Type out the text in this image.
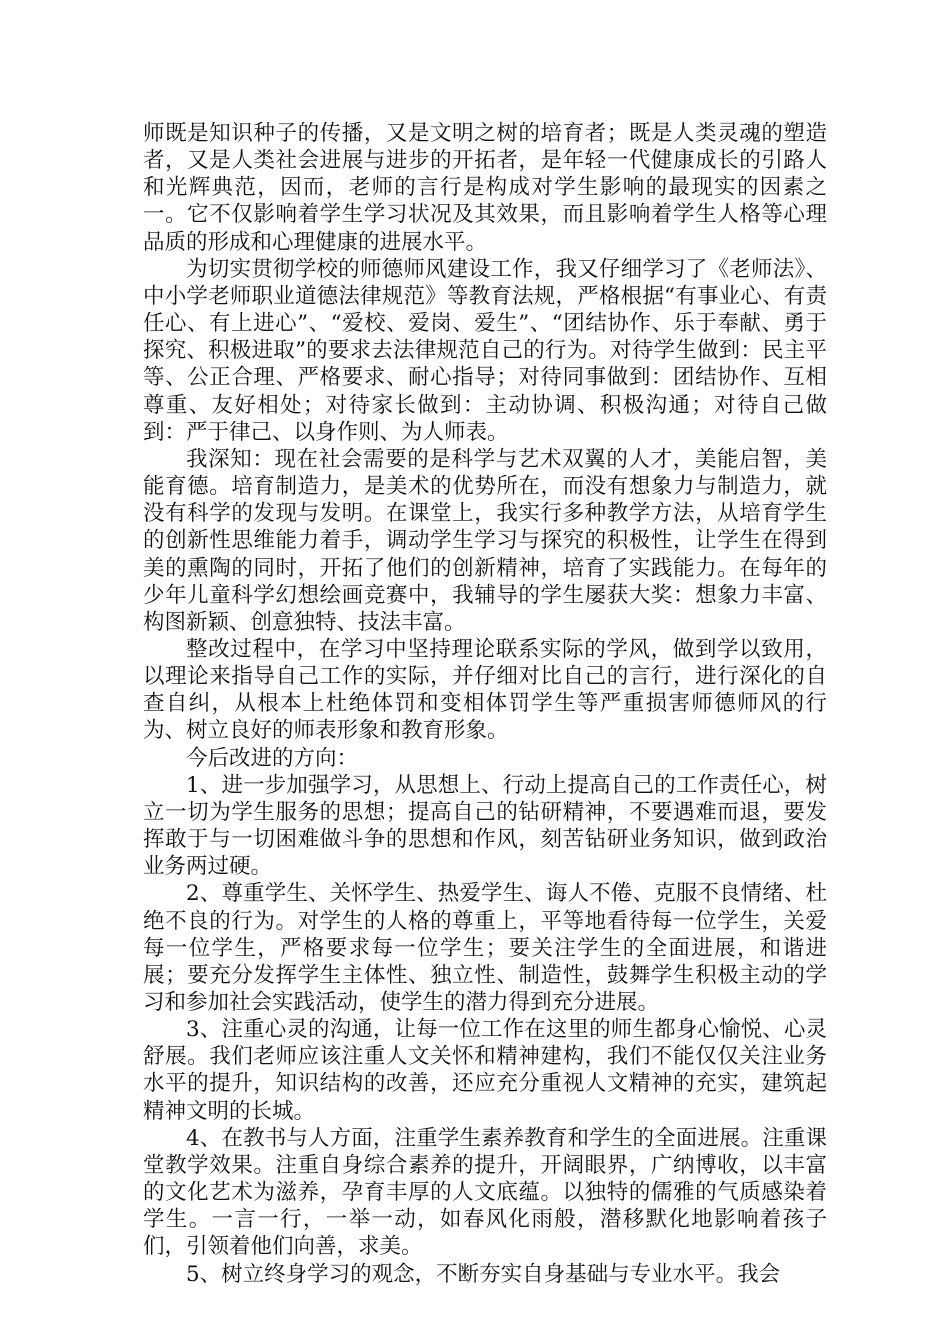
师既是知识种子的传播，又是文明之树的培育者；既是人类灵魂的塑造者，又是人类社会进展与进步的开拓者，是年轻一代健康成长的引路人和光辉典范，因而，老师的言行是构成对学生影响的最现实的因素之一。它不仅影响着学生学习状况及其效果，而且影响着学生人格等心理品质的形成和心理健康的进展水平。

为切实贯彻学校的师德师风建设工作，我又仔细学习了《老师法》、中小学老师职业道德法律规范》等教育法规，严格根据“有事业心、有责任心、有上进心”、“爱校、爱岗、爱生”、“团结协作、乐于奉献、勇于探究、积极进取”的要求去法律规范自己的行为。对待学生做到：民主平等、公正合理、严格要求、耐心指导；对待同事做到：团结协作、互相尊重、友好相处；对待家长做到：主动协调、积极沟通；对待自己做到：严于律己、以身作则、为人师表。

我深知：现在社会需要的是科学与艺术双翼的人才，美能启智，美能育德。培育制造力，是美术的优势所在，而没有想象力与制造力，就没有科学的发现与发明。在课堂上，我实行多种教学方法，从培育学生的创新性思维能力着手，调动学生学习与探究的积极性，让学生在得到美的熏陶的同时，开拓了他们的创新精神，培育了实践能力。在每年的少年儿童科学幻想绘画竞赛中，我辅导的学生屡获大奖：想象力丰富、构图新颖、创意独特、技法丰富。

整改过程中，在学习中坚持理论联系实际的学风，做到学以致用，以理论来指导自己工作的实际，并仔细对比自己的言行，进行深化的自查自纠，从根本上杜绝体罚和变相体罚学生等严重损害师德师风的行为、树立良好的师表形象和教育形象。

今后改进的方向：

1、进一步加强学习，从思想上、行动上提高自己的工作责任心，树立一切为学生服务的思想；提高自己的钻研精神，不要遇难而退，要发挥敢于与一切困难做斗争的思想和作风，刻苦钻研业务知识，做到政治业务两过硬。

2、尊重学生、关怀学生、热爱学生、诲人不倦、克服不良情绪、杜绝不良的行为。对学生的人格的尊重上，平等地看待每一位学生，关爱每一位学生，严格要求每一位学生；要关注学生的全面进展，和谐进展；要充分发挥学生主体性、独立性、制造性，鼓舞学生积极主动的学习和参加社会实践活动，使学生的潜力得到充分进展。

3、注重心灵的沟通，让每一位工作在这里的师生都身心愉悦、心灵舒展。我们老师应该注重人文关怀和精神建构，我们不能仅仅关注业务水平的提升，知识结构的改善，还应充分重视人文精神的充实，建筑起精神文明的长城。

4、在教书与人方面，注重学生素养教育和学生的全面进展。注重课堂教学效果。注重自身综合素养的提升，开阔眼界，广纳博收，以丰富的文化艺术为滋养，孕育丰厚的人文底蕴。以独特的儒雅的气质感染着学生。一言一行，一举一动，如春风化雨般，潜移默化地影响着孩子们，引领着他们向善，求美。

5、树立终身学习的观念，不断夯实自身基础与专业水平。我会
